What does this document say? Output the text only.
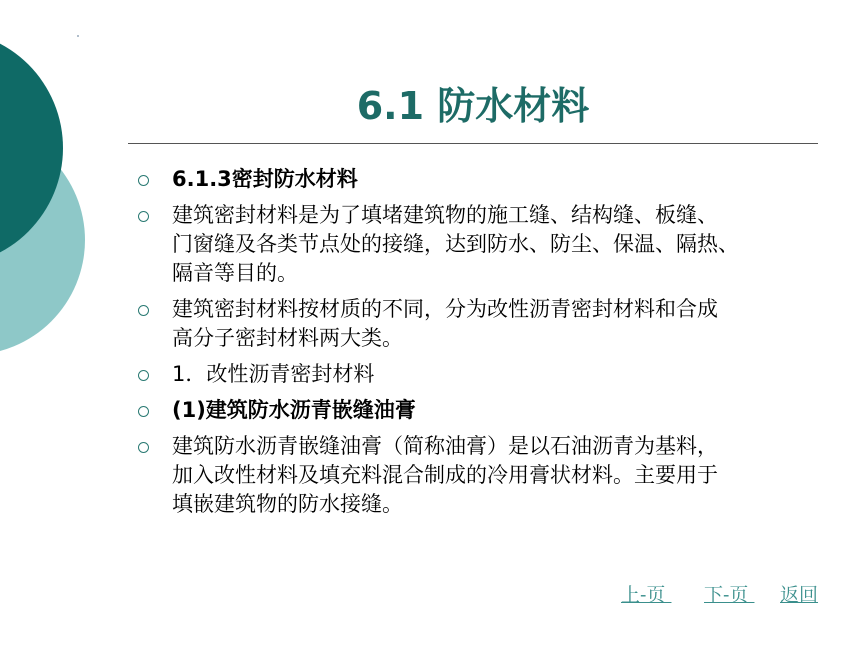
6.1 防水材料
6.1.3密封防水材料
建筑密封材料是为了填堵建筑物的施工缝、结构缝、板缝、
门窗缝及各类节点处的接缝，达到防水、防尘、保温、隔热、
隔音等目的。
建筑密封材料按材质的不同，分为改性沥青密封材料和合成
高分子密封材料两大类。
1．改性沥青密封材料
(1)建筑防水沥青嵌缝油膏
建筑防水沥青嵌缝油膏（简称油膏）是以石油沥青为基料，
加入改性材料及填充料混合制成的冷用膏状材料。主要用于
填嵌建筑物的防水接缝。
上-页 下-页 返回
